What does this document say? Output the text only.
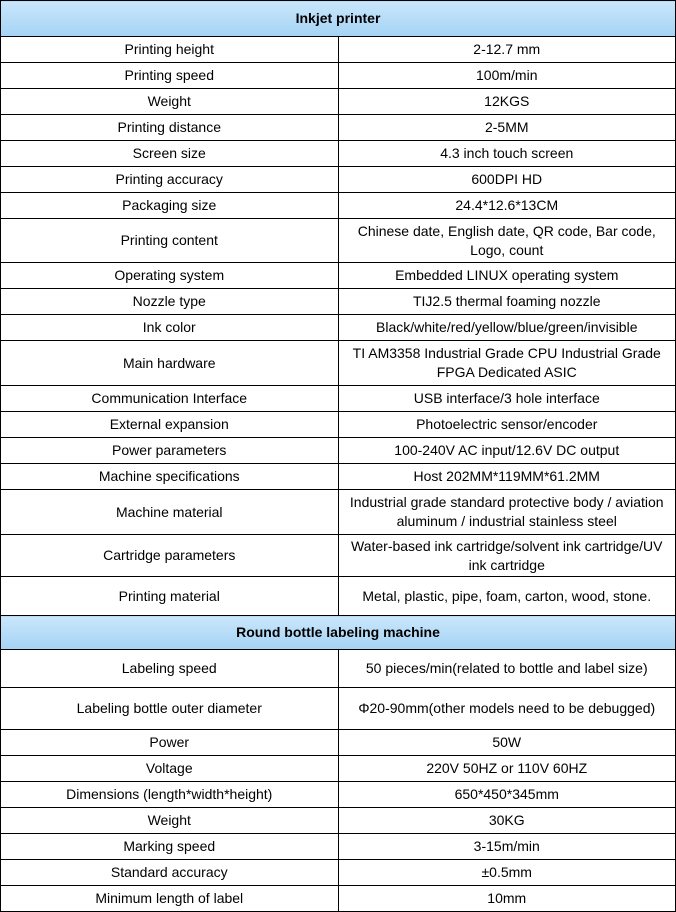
Inkjet printer	
Printing height	2-12.7 mm
Printing speed	100m/min
Weight	12KGS
Printing distance	2-5MM
Screen size	4.3 inch touch screen
Printing accuracy	600DPI HD
Packaging size	24.4*12.6*13CM
Printing content	Chinese date, English date, QR code, Bar code, Logo, count
Operating system	Embedded LINUX operating system
Nozzle type	TIJ2.5 thermal foaming nozzle
Ink color	Black/white/red/yellow/blue/green/invisible
Main hardware	TI AM3358 Industrial Grade CPU Industrial Grade FPGA Dedicated ASIC
Communication Interface	USB interface/3 hole interface
External expansion	Photoelectric sensor/encoder
Power parameters	100-240V AC input/12.6V DC output
Machine specifications	Host 202MM*119MM*61.2MM
Machine material	Industrial grade standard protective body / aviation aluminum / industrial stainless steel
Cartridge parameters	Water-based ink cartridge/solvent ink cartridge/UV ink cartridge
Printing material	Metal, plastic, pipe, foam, carton, wood, stone.
Round bottle labeling machine	
Labeling speed	50 pieces/min(related to bottle and label size)
Labeling bottle outer diameter	Φ20-90mm(other models need to be debugged)
Power	50W
Voltage	220V 50HZ or 110V 60HZ
Dimensions (length*width*height)	650*450*345mm
Weight	30KG
Marking speed	3-15m/min
Standard accuracy	±0.5mm
Minimum length of label	10mm
